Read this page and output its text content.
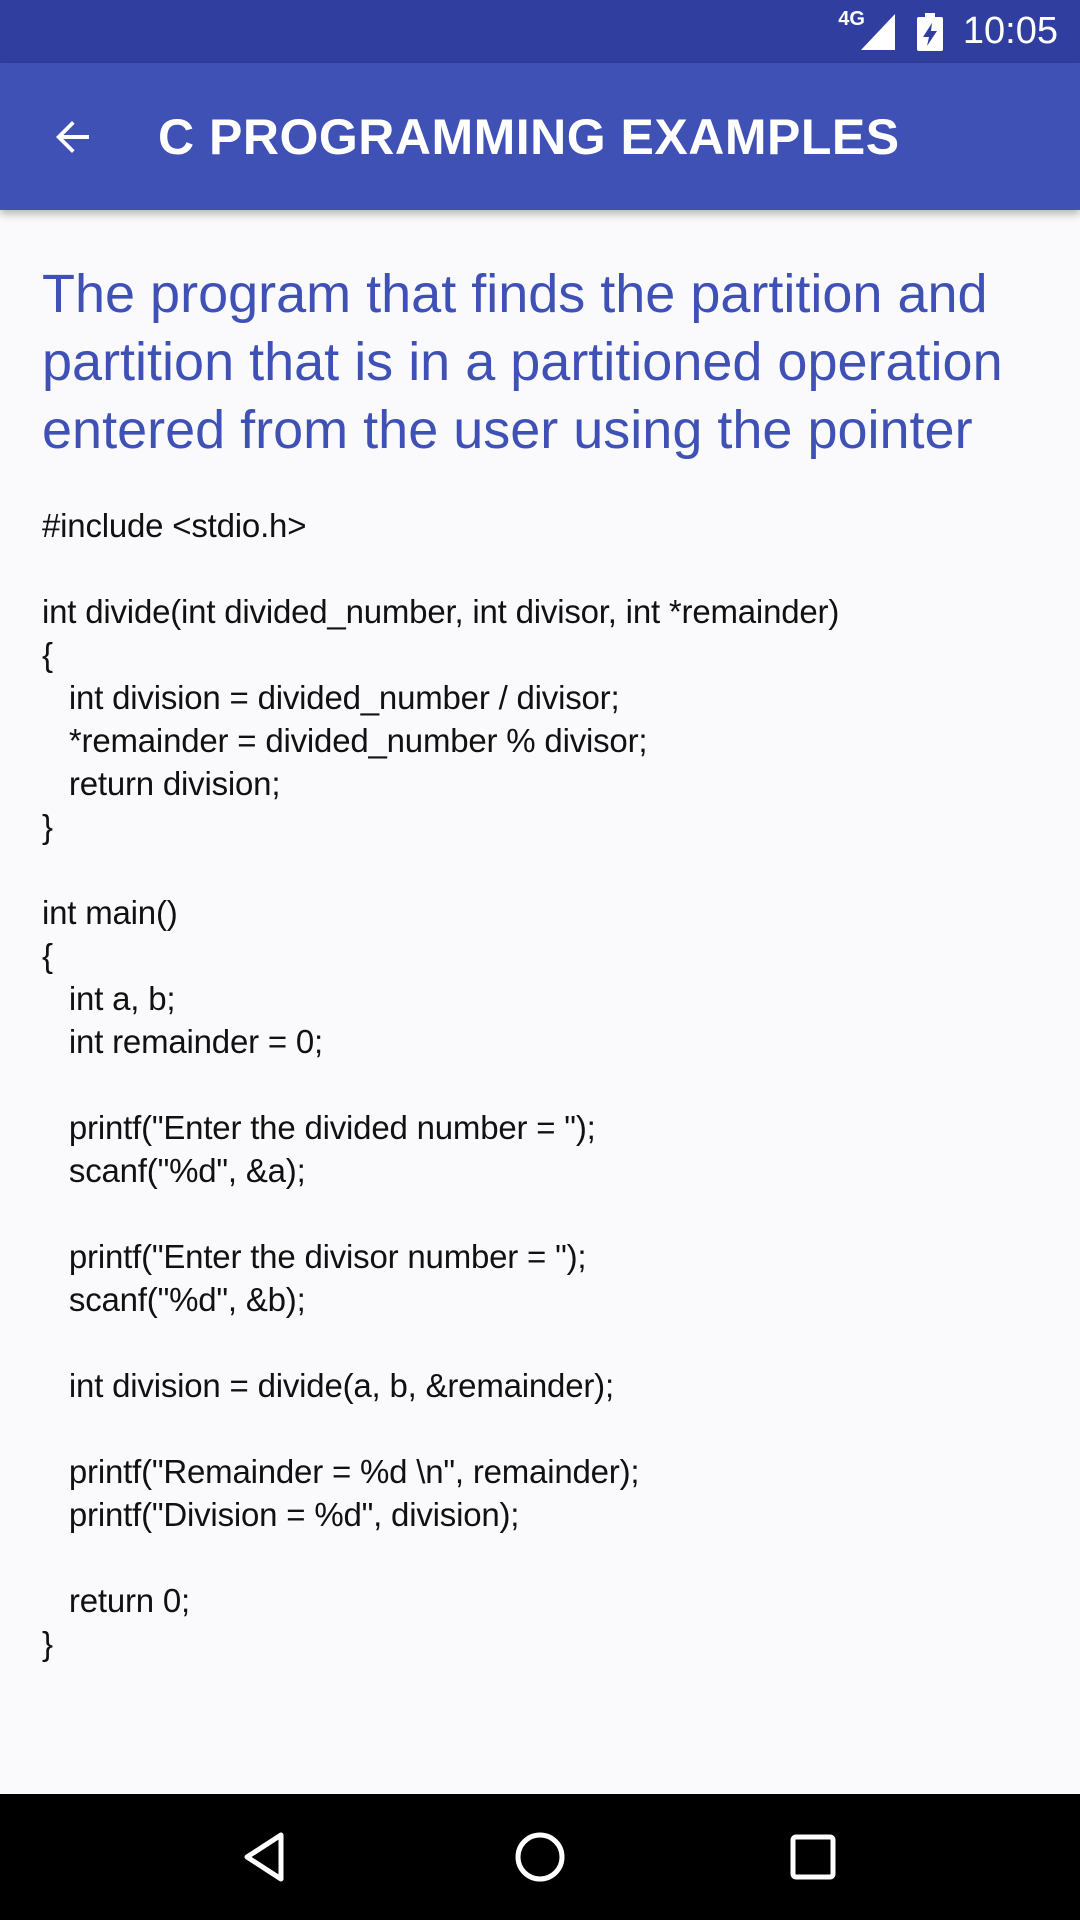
4G	10:05
C PROGRAMMING EXAMPLES
The program that finds the partition and partition that is in a partitioned operation entered from the user using the pointer
#include <stdio.h>
int divide(int divided_number, int divisor, int *remainder)
{
int division = divided_number / divisor;
*remainder = divided_number % divisor;
return division;
}
int main()
{
int a, b;
int remainder = 0;
printf("Enter the divided number = ");
scanf("%d", &a);
printf("Enter the divisor number = ");
scanf("%d", &b);
int division = divide(a, b, &remainder);
printf("Remainder = %d \n", remainder);
printf("Division = %d", division);
return 0;
}
